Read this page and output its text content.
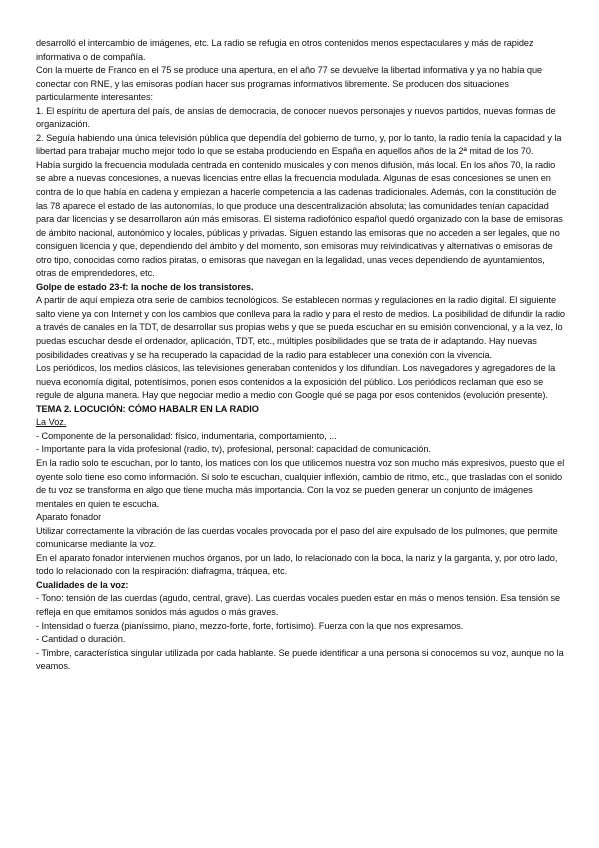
desarrolló el intercambio de imágenes, etc. La radio se refugia en otros contenidos menos espectaculares y más de rapidez informativa o de compañía.

Con la muerte de Franco en el 75 se produce una apertura, en el año 77 se devuelve la libertad informativa y ya no había que conectar con RNE, y las emisoras podían hacer sus programas informativos libremente. Se producen dos situaciones particularmente interesantes:

1. El espíritu de apertura del país, de ansías de democracia, de conocer nuevos personajes y nuevos partidos, nuevas formas de organización.

2. Seguía habiendo una única televisión pública que dependía del gobierno de turno, y, por lo tanto, la radio tenía la capacidad y la libertad para trabajar mucho mejor todo lo que se estaba produciendo en España en aquellos años de la 2ª mitad de los 70.

Había surgido la frecuencia modulada centrada en contenido musicales y con menos difusión, más local. En los años 70, la radio se abre a nuevas concesiones, a nuevas licencias entre ellas la frecuencia modulada. Algunas de esas concesiones se unen en contra de lo que había en cadena y empiezan a hacerle competencia a las cadenas tradicionales. Además, con la constitución de las 78 aparece el estado de las autonomías, lo que produce una descentralización absoluta; las comunidades tenían capacidad para dar licencias y se desarrollaron aún más emisoras. El sistema radiofónico español quedó organizado con la base de emisoras de ámbito nacional, autonómico y locales, públicas y privadas. Siguen estando las emisoras que no acceden a ser legales, que no consiguen licencia y que, dependiendo del ámbito y del momento, son emisoras muy reivindicativas y alternativas o emisoras de otro tipo, conocidas como radios piratas, o emisoras que navegan en la legalidad, unas veces dependiendo de ayuntamientos, otras de emprendedores, etc.

Golpe de estado 23-f: la noche de los transistores.

A partir de aquí empieza otra serie de cambios tecnológicos. Se establecen normas y regulaciones en la radio digital. El siguiente salto viene ya con Internet y con los cambios que conlleva para la radio y para el resto de medios. La posibilidad de difundir la radio a través de canales en la TDT, de desarrollar sus propias webs y que se pueda escuchar en su emisión convencional, y a la vez, lo puedas escuchar desde el ordenador, aplicación, TDT, etc., múltiples posibilidades que se trata de ir adaptando. Hay nuevas posibilidades creativas y se ha recuperado la capacidad de la radio para establecer una conexión con la vivencia.

Los periódicos, los medios clásicos, las televisiones generaban contenidos y los difundían. Los navegadores y agregadores de la nueva economía digital, potentísimos, ponen esos contenidos a la exposición del público. Los periódicos reclaman que eso se regule de alguna manera. Hay que negociar medio a medio con Google qué se paga por esos contenidos (evolución presente).

TEMA 2. LOCUCIÓN: CÓMO HABALR EN LA RADIO

La Voz.

- Componente de la personalidad: físico, indumentaria, comportamiento, ...

- Importante para la vida profesional (radio, tv), profesional, personal: capacidad de comunicación.

En la radio solo te escuchan, por lo tanto, los matices con los que utilicemos nuestra voz son mucho más expresivos, puesto que el oyente solo tiene eso como información. Si solo te escuchan, cualquier inflexión, cambio de ritmo, etc., que trasladas con el sonido de tu voz se transforma en algo que tiene mucha más importancia. Con la voz se pueden generar un conjunto de imágenes mentales en quien te escucha.

Aparato fonador

Utilizar correctamente la vibración de las cuerdas vocales provocada por el paso del aire expulsado de los pulmones, que permite comunicarse mediante la voz.

En el aparato fonador intervienen muchos órganos, por un lado, lo relacionado con la boca, la nariz y la garganta, y, por otro lado, todo lo relacionado con la respiración: diafragma, tráquea, etc.

Cualidades de la voz:

- Tono: tensión de las cuerdas (agudo, central, grave). Las cuerdas vocales pueden estar en más o menos tensión. Esa tensión se refleja en que emitamos sonidos más agudos o más graves.

- Intensidad o fuerza (pianíssimo, piano, mezzo-forte, forte, fortísimo). Fuerza con la que nos expresamos.

- Cantidad o duración.

- Timbre, característica singular utilizada por cada hablante. Se puede identificar a una persona si conocemos su voz, aunque no la veamos.
